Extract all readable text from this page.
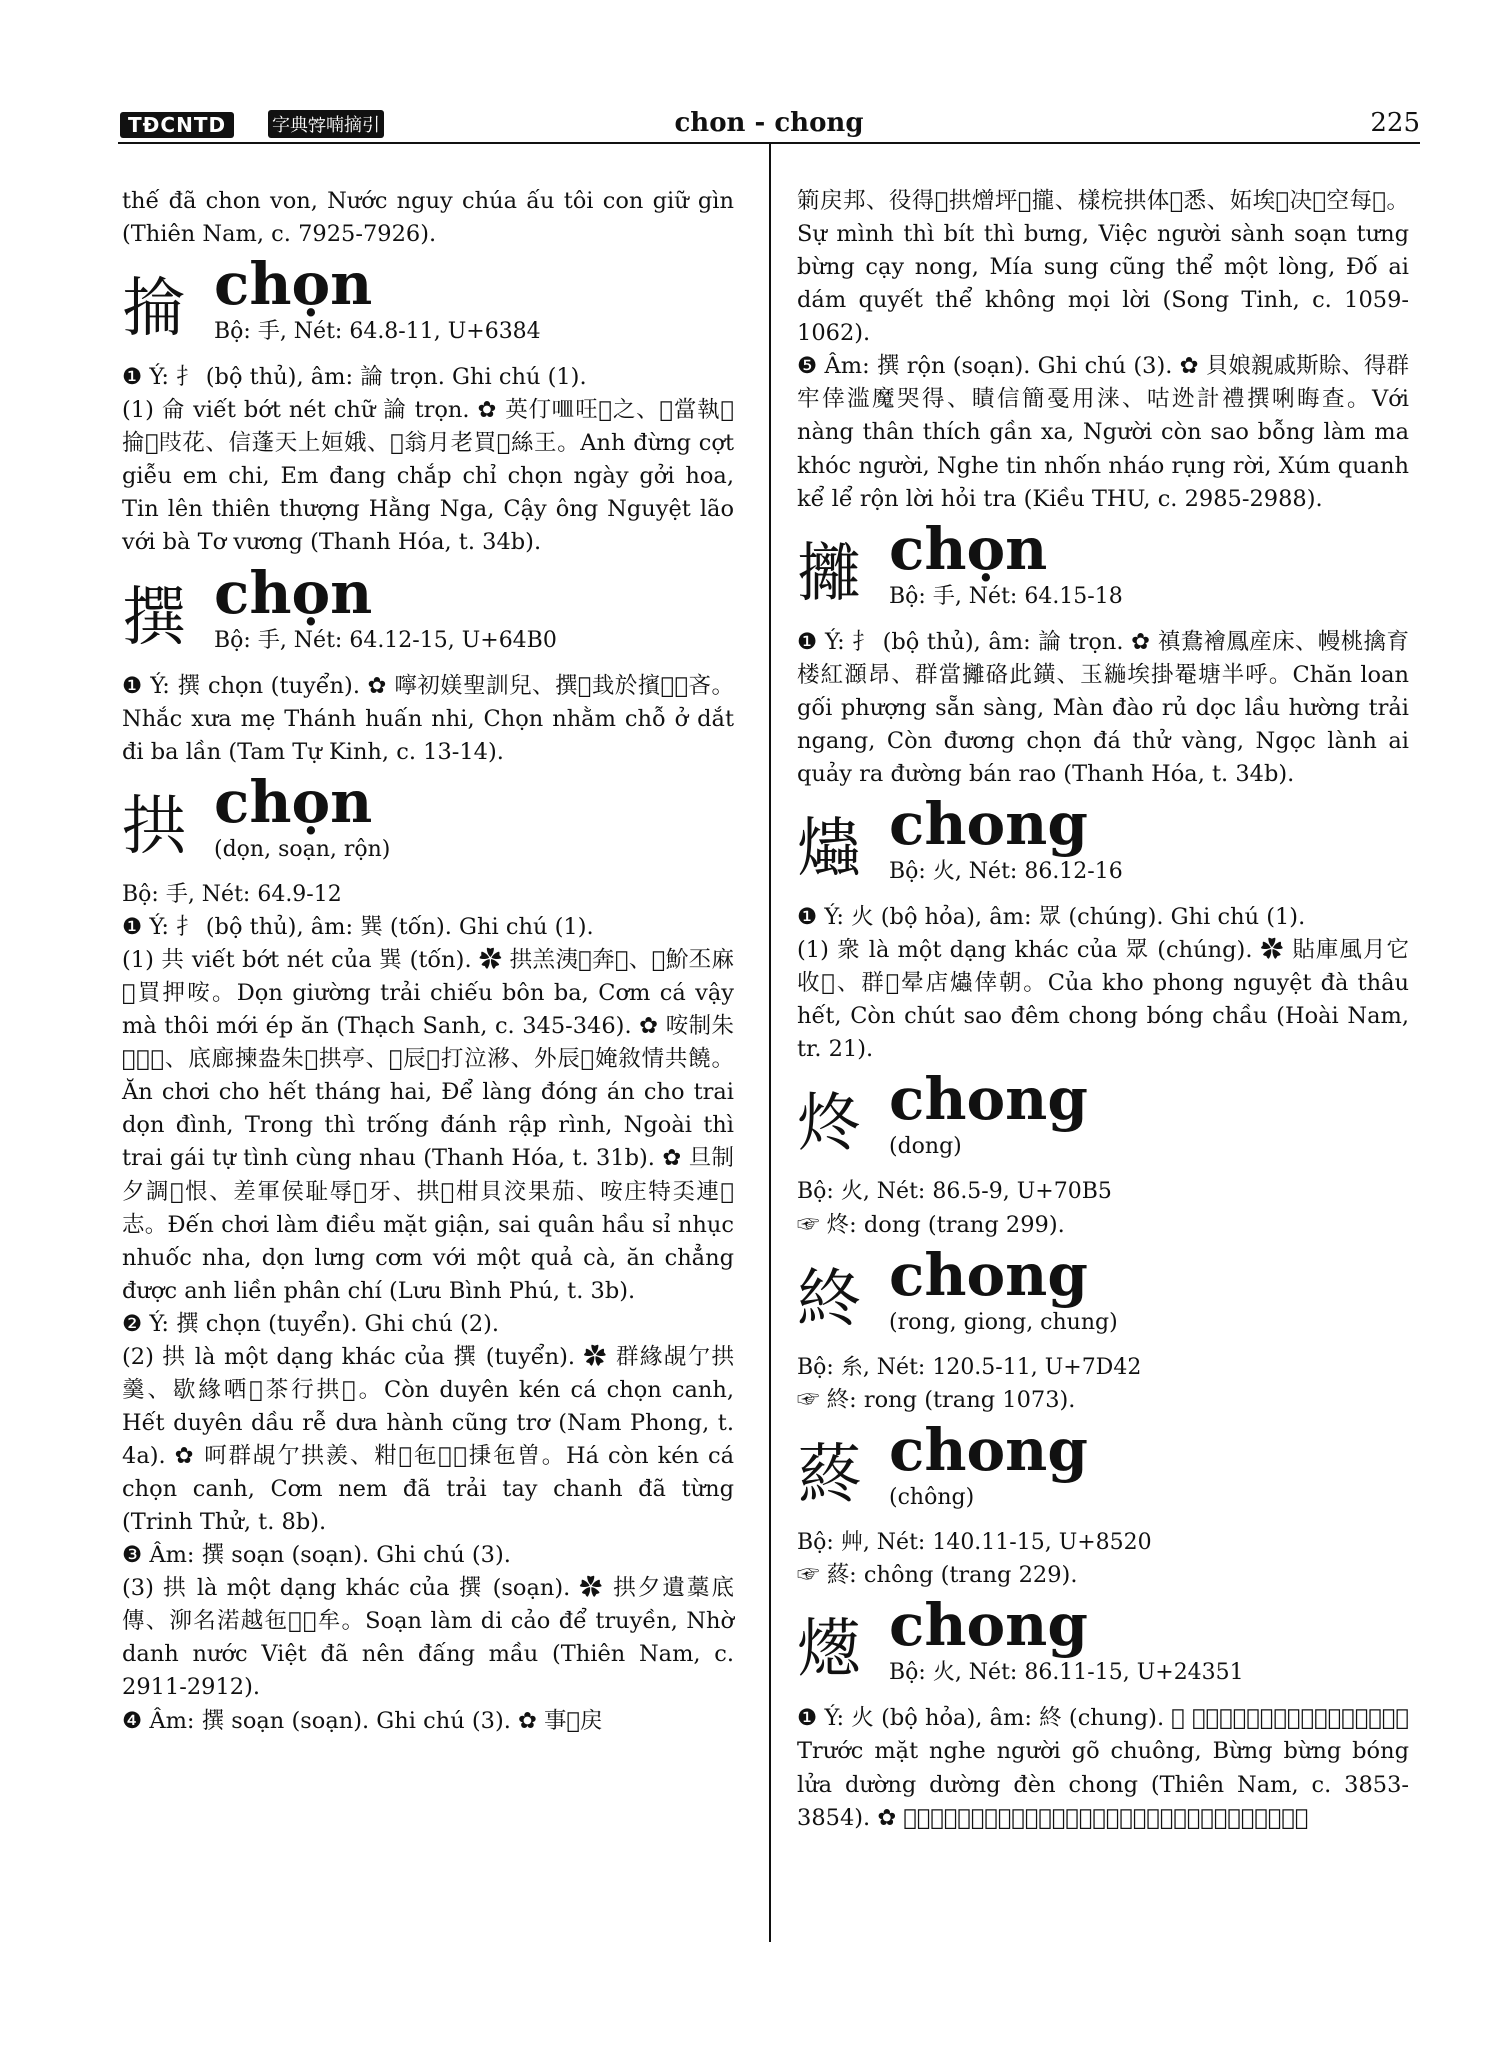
TĐCNTD	字典𡨸喃摘引	chon - chong	225

thế đã chon von, Nước nguy chúa ấu tôi con giữ gìn (Thiên Nam, c. 7925-7926).

掄 chọn
Bộ: 手, Nét: 64.8-11, U+6384

❶ Ý: 扌 (bộ thủ), âm: 論 trọn. Ghi chú (1).

(1) 侖 viết bớt nét chữ 論 trọn. ✿ 英仃𠰘㕵𡛔之、𡛔當執𦀊掄𣉹𢻀花、信蓬天上姮娥、𢪀翁月老買𡞕絲王。Anh đừng cợt giễu em chi, Em đang chắp chỉ chọn ngày gởi hoa, Tin lên thiên thượng Hằng Nga, Cậy ông Nguyệt lão với bà Tơ vương (Thanh Hóa, t. 34b).

撰 chọn
Bộ: 手, Nét: 64.12-15, U+64B0

❶ Ý: 撰 chọn (tuyển). ✿ 嚀初媄聖訓兒、撰𣉹㘽於擯𢪀𠀧吝。Nhắc xưa mẹ Thánh huấn nhi, Chọn nhằm chỗ ở dắt đi ba lần (Tam Tự Kinh, c. 13-14).

拱 chọn
(dọn, soạn, rộn)

Bộ: 手, Nét: 64.9-12

❶ Ý: 扌 (bộ thủ), âm: 巽 (tốn). Ghi chú (1).

(1) 共 viết bớt nét của 巽 (tốn). ✿ 拱羔洟𠶗奔𠀧、𩛷魪丕麻𡽨買押咹。Dọn giường trải chiếu bôn ba, Cơm cá vậy mà thôi mới ép ăn (Thạch Sanh, c. 345-346). ✿ 咹制朱𣦍𣎃𠄩、底廊揀盎朱𤳆拱亭、𠄼辰𦧜打泣𣻗、外辰𤳆㛪敘情共饒。Ăn chơi cho hết tháng hai, Để làng đóng án cho trai dọn đình, Trong thì trống đánh rập rình, Ngoài thì trai gái tự tình cùng nhau (Thanh Hóa, t. 31b). ✿ 旦制夕調𥹰恨、差軍侯耻辱𤎏牙、拱𦛌柑貝洨果茄、咹庄特奀連𢪀志。Đến chơi làm điều mặt giận, sai quân hầu sỉ nhục nhuốc nha, dọn lưng cơm với một quả cà, ăn chẳng được anh liền phân chí (Lưu Bình Phú, t. 3b).

❷ Ý: 撰 chọn (tuyển). Ghi chú (2).

(2) 拱 là một dạng khác của 撰 (tuyển). ✿ 群緣覘亇拱羹、歇緣哂𪽣茶行拱𠯽。Còn duyên kén cá chọn canh, Hết duyên dầu rễ dưa hành cũng trơ (Nam Phong, t. 4a). ✿ 呵群覘亇拱羨、粓𦵚㐌𢭲𢬣㨀㐌曽。Há còn kén cá chọn canh, Cơm nem đã trải tay chanh đã từng (Trinh Thử, t. 8b).

❸ Âm: 撰 soạn (soạn). Ghi chú (3).

(3) 拱 là một dạng khác của 撰 (soạn). ✿ 拱夕遺藁底傳、泖名渃越㐌𠓨𢆥牟。Soạn làm di cảo để truyền, Nhờ danh nước Việt đã nên đấng mầu (Thiên Nam, c. 2911-2912).

❹ Âm: 撰 soạn (soạn). Ghi chú (3). ✿ 事𠁀戻

箣戻邦、役得𥒥拱熷坪𢭸攏、樣梡拱体𠄼悉、妬埃𥩯决𡎢空每𠳒。Sự mình thì bít thì bưng, Việc người sành soạn tưng bừng cạy nong, Mía sung cũng thể một lòng, Đố ai dám quyết thể không mọi lời (Song Tinh, c. 1059-1062).

❺ Âm: 撰 rộn (soạn). Ghi chú (3). ✿ 貝娘親戚斯賒、得群牢倖滥魔哭得、瞔信簡戞用涞、咕迯計禮撰唎晦查。Với nàng thân thích gần xa, Người còn sao bỗng làm ma khóc người, Nghe tin nhốn nháo rụng rời, Xúm quanh kể lể rộn lời hỏi tra (Kiều THU, c. 2985-2988).

攡 chọn
Bộ: 手, Nét: 64.15-18

❶ Ý: 扌 (bộ thủ), âm: 論 trọn. ✿ 禛鴦襘鳳産床、幔桃擒育楼紅㶊昂、群當攡硌此鐄、玉𦂛埃掛罨塘半呼。Chăn loan gối phượng sẵn sàng, Màn đào rủ dọc lầu hường trải ngang, Còn đương chọn đá thử vàng, Ngọc lành ai quảy ra đường bán rao (Thanh Hóa, t. 34b).

爞 chong
Bộ: 火, Nét: 86.12-16

❶ Ý: 火 (bộ hỏa), âm: 眾 (chúng). Ghi chú (1).

(1) 衆 là một dạng khác của 眾 (chúng). ✿ 貼庫風月它收𣦍、群𥹰晕店爞倖朝。Của kho phong nguyệt đà thâu hết, Còn chút sao đêm chong bóng chầu (Hoài Nam, tr. 21).

炵 chong
(dong)

Bộ: 火, Nét: 86.5-9, U+70B5

☞ 炵: dong (trang 299).

終 chong
(rong, giong, chung)

Bộ: 糸, Nét: 120.5-11, U+7D42

☞ 終: rong (trang 1073).

蔠 chong
(chông)

Bộ: 艸, Nét: 140.11-15, U+8520

☞ 蔠: chông (trang 229).

燪 chong
Bộ: 火, Nét: 86.11-15, U+24351

❶ Ý: 火 (bộ hỏa), âm: 終 (chung). ✿ 𨎆𥹰瞔𧿆𢯏鐘、烱烱𦛌焒𧴱𧴱畑燪。Trước mặt nghe người gõ chuông, Bừng bừng bóng lửa dường dường đèn chong (Thiên Nam, c. 3853-3854). ✿ 𦛌秋𤓢渃秋冲、臺蘭払宋忡悉爲秋、蔑碼細埉迻饒、船燪畑燗席疓𧿆
